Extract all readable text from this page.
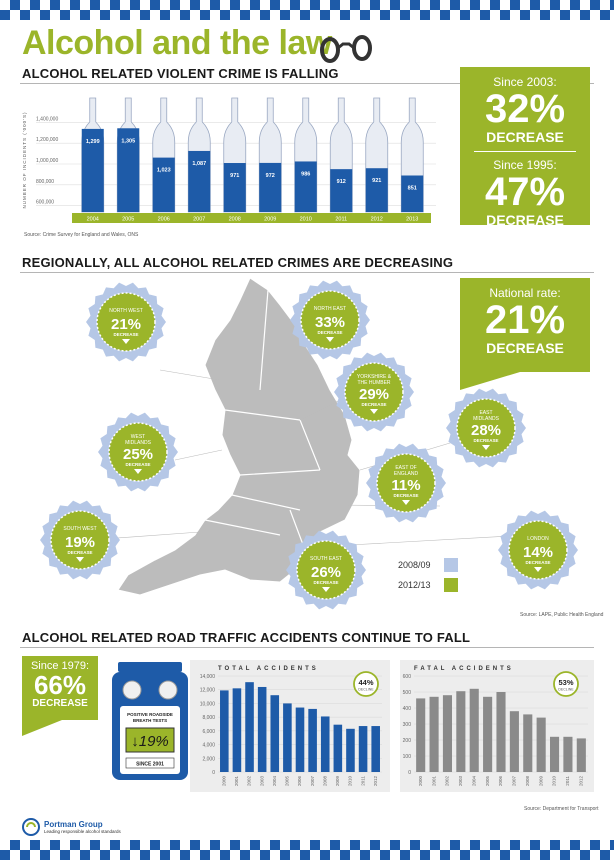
Alcohol and the law
ALCOHOL RELATED VIOLENT CRIME IS FALLING
NUMBER OF INCIDENTS ('000'S) 600,000
800,000
1,000,000
1,200,000
1,400,000
1,299
2004
1,305
2005
1,023
2006
1,087
2007
971
2008
972
2009
986
2010
912
2011
921
2012
851
2013
Source: Crime Survey for England and Wales, ONS
Since 2003:
32%
DECREASE
Since 1995:
47%
DECREASE
REGIONALLY, ALL ALCOHOL RELATED CRIMES ARE DECREASING
NORTH WEST
21%
DECREASE
NORTH EAST
33%
DECREASE
YORKSHIRE &
THE HUMBER
29%
DECREASE
EAST
MIDLANDS
28%
DECREASE
WEST
MIDLANDS
25%
DECREASE
EAST OF
ENGLAND
11%
DECREASE
SOUTH WEST
19%
DECREASE
SOUTH EAST
26%
DECREASE
LONDON
14%
DECREASE
National rate:
21%
DECREASE
2008/09
2012/13
Source: LAPE, Public Health England
ALCOHOL RELATED ROAD TRAFFIC ACCIDENTS CONTINUE TO FALL
Since 1979:
66%
DECREASE
POSITIVE ROADSIDE
BREATH TESTS
↓19%
SINCE 2001
TOTAL ACCIDENTS
0
2,000
4,000
6,000
8,000
10,000
12,000
14,000
2000 2001 2002 2003 2004 2005 2006 2007 2008 2009 2010 2011 2012
44%
DECLINE
FATAL ACCIDENTS
0
100
200
300
400
500
600
2000 2001 2002 2003 2004 2005 2006 2007 2008 2009 2010 2011 2012
53%
DECLINE
Source: Department for Transport
Portman Group
Leading responsible alcohol standards
